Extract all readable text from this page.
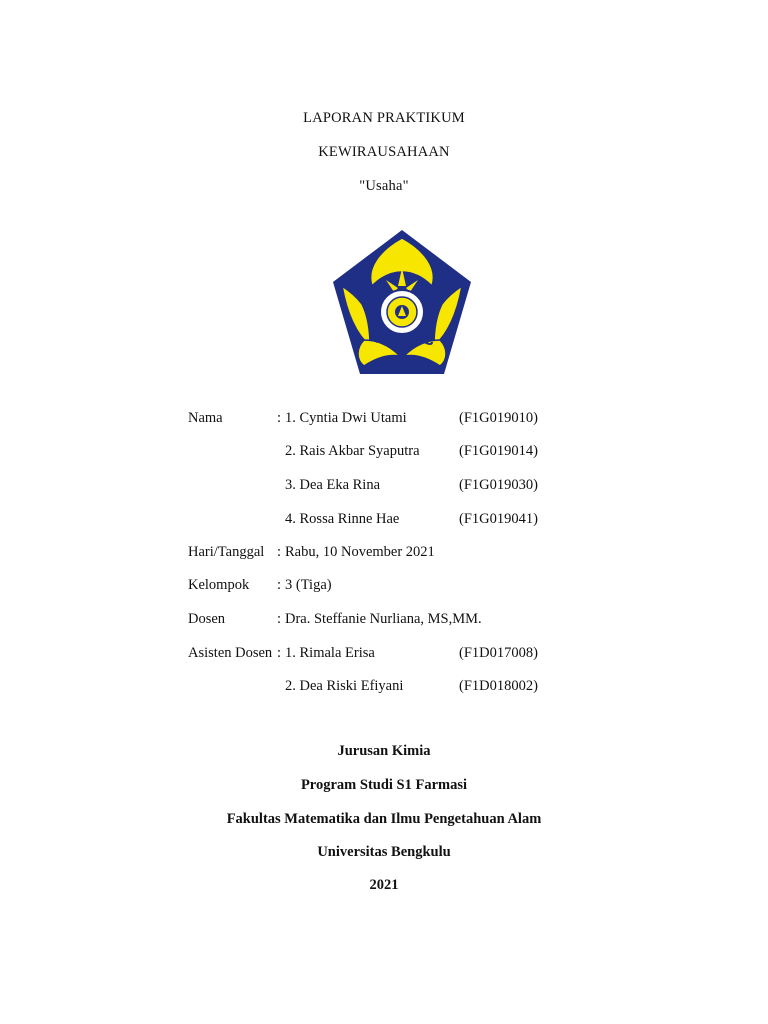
LAPORAN PRAKTIKUM
KEWIRAUSAHAAN
"Usaha"
Nama	: 1. Cyntia Dwi Utami	(F1G019010)
2. Rais Akbar Syaputra	(F1G019014)
3. Dea Eka Rina	(F1G019030)
4. Rossa Rinne Hae	(F1G019041)
Hari/Tanggal : Rabu, 10 November 2021
Kelompok : 3 (Tiga)
Dosen	: Dra. Steffanie Nurliana, MS,MM.
Asisten Dosen : 1. Rimala Erisa	(F1D017008)
2. Dea Riski Efiyani	(F1D018002)
Jurusan Kimia
Program Studi S1 Farmasi
Fakultas Matematika dan Ilmu Pengetahuan Alam
Universitas Bengkulu
2021
